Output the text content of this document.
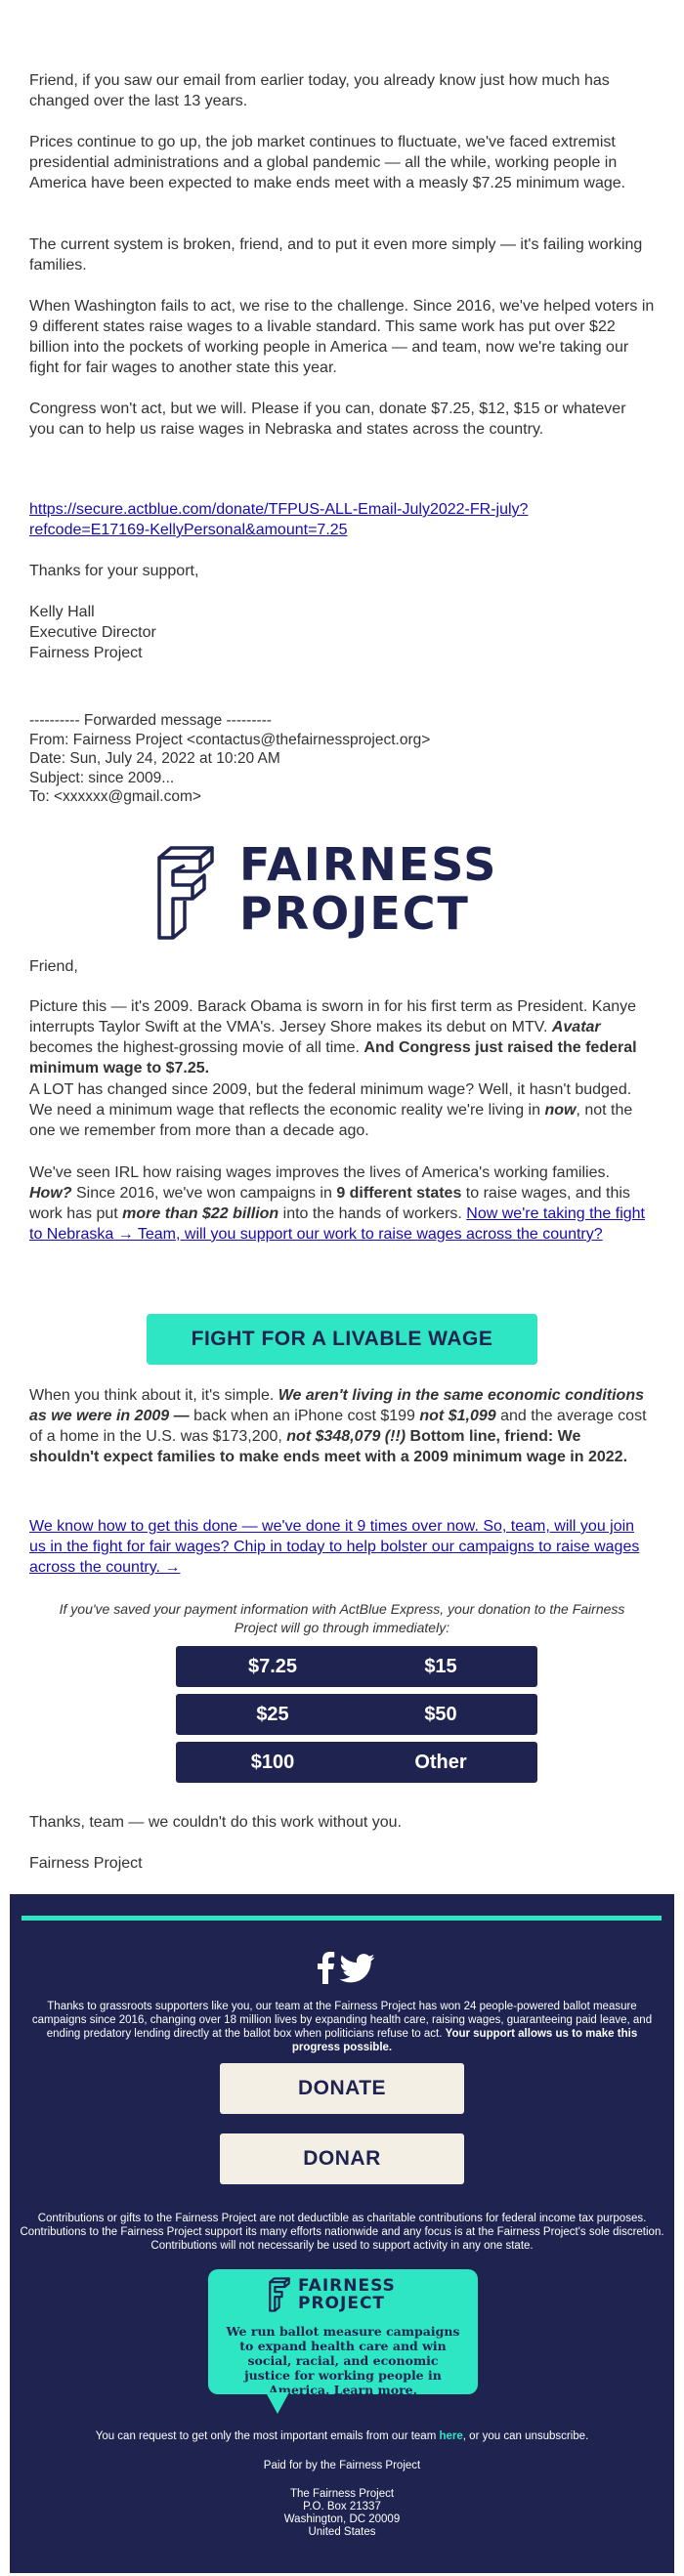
Friend, if you saw our email from earlier today, you already know just how much has changed over the last 13 years.

Prices continue to go up, the job market continues to fluctuate, we've faced extremist presidential administrations and a global pandemic — all the while, working people in America have been expected to make ends meet with a measly $7.25 minimum wage.

The current system is broken, friend, and to put it even more simply — it's failing working families.

When Washington fails to act, we rise to the challenge. Since 2016, we've helped voters in 9 different states raise wages to a livable standard. This same work has put over $22 billion into the pockets of working people in America — and team, now we're taking our fight for fair wages to another state this year.

Congress won't act, but we will. Please if you can, donate $7.25, $12, $15 or whatever you can to help us raise wages in Nebraska and states across the country.

https://secure.actblue.com/donate/TFPUS-ALL-Email-July2022-FR-july?
refcode=E17169-KellyPersonal&amount=7.25

Thanks for your support,

Kelly Hall
Executive Director
Fairness Project

---------- Forwarded message ---------
From: Fairness Project <contactus@thefairnessproject.org>
Date: Sun, July 24, 2022 at 10:20 AM
Subject: since 2009...
To: <xxxxxx@gmail.com>
FAIRNESS
PROJECT

Friend,

Picture this — it's 2009. Barack Obama is sworn in for his first term as President. Kanye interrupts Taylor Swift at the VMA's. Jersey Shore makes its debut on MTV. Avatar becomes the highest-grossing movie of all time. And Congress just raised the federal minimum wage to $7.25.

A LOT has changed since 2009, but the federal minimum wage? Well, it hasn't budged. We need a minimum wage that reflects the economic reality we're living in now, not the one we remember from more than a decade ago.

We've seen IRL how raising wages improves the lives of America's working families. How? Since 2016, we've won campaigns in 9 different states to raise wages, and this work has put more than $22 billion into the hands of workers. Now we're taking the fight to Nebraska → Team, will you support our work to raise wages across the country?

FIGHT FOR A LIVABLE WAGE

When you think about it, it's simple. We aren't living in the same economic conditions as we were in 2009 — back when an iPhone cost $199 not $1,099 and the average cost of a home in the U.S. was $173,200, not $348,079 (!!) Bottom line, friend: We shouldn't expect families to make ends meet with a 2009 minimum wage in 2022.

We know how to get this done — we've done it 9 times over now. So, team, will you join us in the fight for fair wages? Chip in today to help bolster our campaigns to raise wages across the country. →

If you've saved your payment information with ActBlue Express, your donation to the Fairness Project will go through immediately:
$7.25	$15
$25	$50
$100	Other

Thanks, team — we couldn't do this work without you.

Fairness Project

Thanks to grassroots supporters like you, our team at the Fairness Project has won 24 people-powered ballot measure campaigns since 2016, changing over 18 million lives by expanding health care, raising wages, guaranteeing paid leave, and ending predatory lending directly at the ballot box when politicians refuse to act. Your support allows us to make this progress possible.
DONATE
DONAR
Contributions or gifts to the Fairness Project are not deductible as charitable contributions for federal income tax purposes. Contributions to the Fairness Project support its many efforts nationwide and any focus is at the Fairness Project's sole discretion. Contributions will not necessarily be used to support activity in any one state.
FAIRNESS
PROJECT
We run ballot measure campaigns to expand health care and win social, racial, and economic justice for working people in America. Learn more.
You can request to get only the most important emails from our team here, or you can unsubscribe.
Paid for by the Fairness Project
The Fairness Project
P.O. Box 21337
Washington, DC 20009
United States
